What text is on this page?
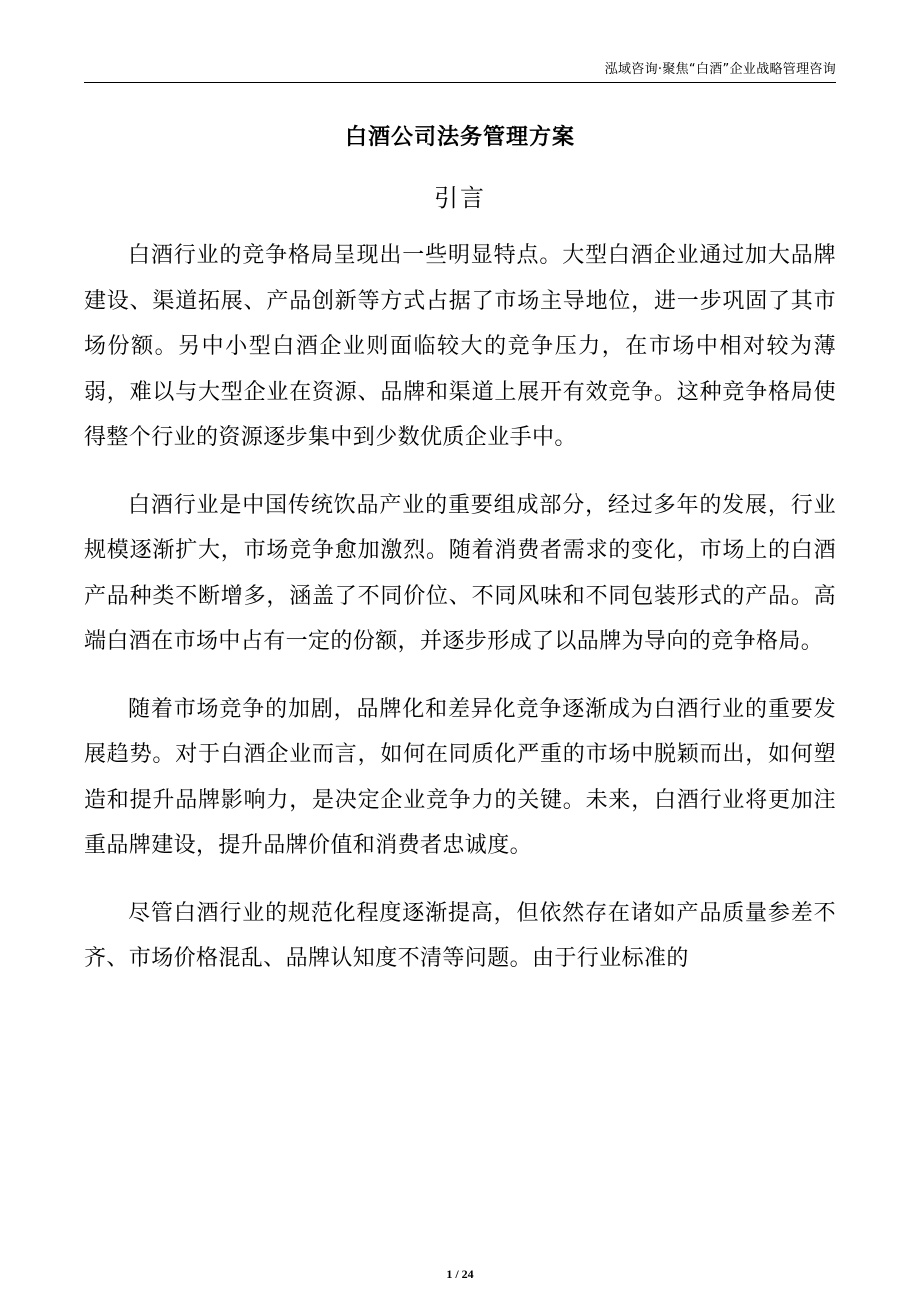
泓域咨询·聚焦“白酒”企业战略管理咨询
白酒公司法务管理方案
引言

白酒行业的竞争格局呈现出一些明显特点。大型白酒企业通过加大品牌建设、渠道拓展、产品创新等方式占据了市场主导地位，进一步巩固了其市场份额。另中小型白酒企业则面临较大的竞争压力，在市场中相对较为薄弱，难以与大型企业在资源、品牌和渠道上展开有效竞争。这种竞争格局使得整个行业的资源逐步集中到少数优质企业手中。

白酒行业是中国传统饮品产业的重要组成部分，经过多年的发展，行业规模逐渐扩大，市场竞争愈加激烈。随着消费者需求的变化，市场上的白酒产品种类不断增多，涵盖了不同价位、不同风味和不同包装形式的产品。高端白酒在市场中占有一定的份额，并逐步形成了以品牌为导向的竞争格局。

随着市场竞争的加剧，品牌化和差异化竞争逐渐成为白酒行业的重要发展趋势。对于白酒企业而言，如何在同质化严重的市场中脱颖而出，如何塑造和提升品牌影响力，是决定企业竞争力的关键。未来，白酒行业将更加注重品牌建设，提升品牌价值和消费者忠诚度。

尽管白酒行业的规范化程度逐渐提高，但依然存在诸如产品质量参差不齐、市场价格混乱、品牌认知度不清等问题。由于行业标准的

1 / 24
